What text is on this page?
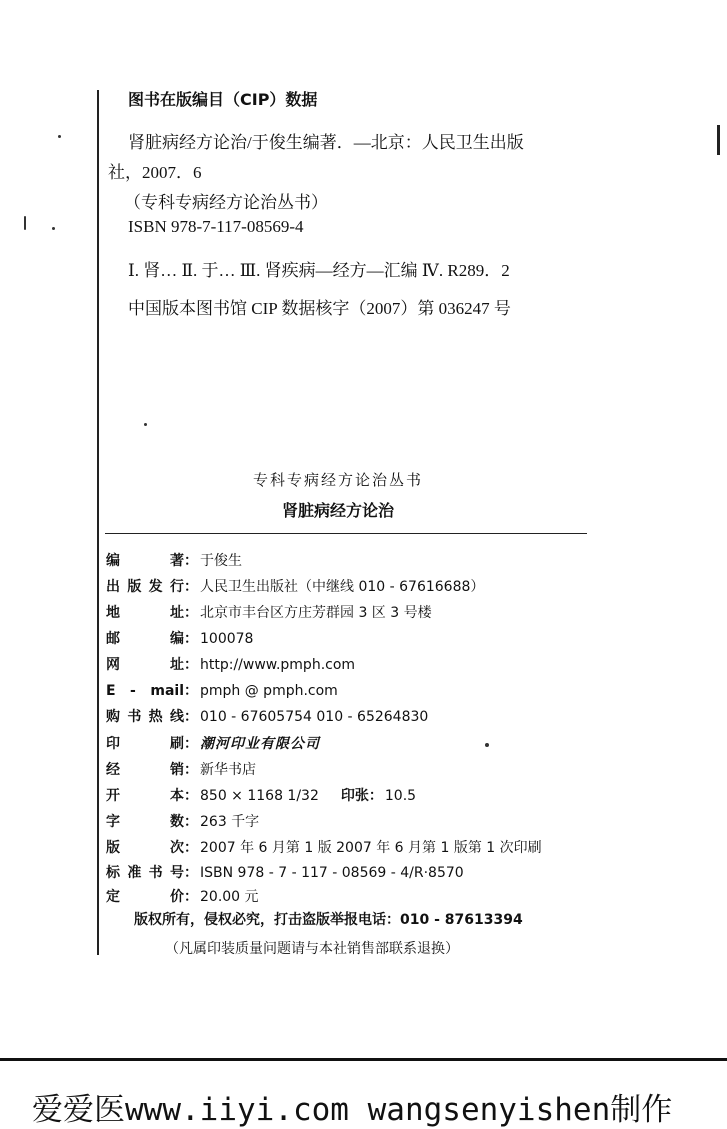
图书在版编目（CIP）数据
肾脏病经方论治/于俊生编著．—北京：人民卫生出版
社，2007．6
（专科专病经方论治丛书）
ISBN 978-7-117-08569-4
Ⅰ. 肾… Ⅱ. 于… Ⅲ. 肾疾病—经方—汇编 Ⅳ. R289．2
中国版本图书馆 CIP 数据核字（2007）第 036247 号
专科专病经方论治丛书
肾脏病经方论治
编　著： 于俊生
出版发行： 人民卫生出版社（中继线 010 - 67616688）
地　址： 北京市丰台区方庄芳群园 3 区 3 号楼
邮　编： 100078
网　址： http://www.pmph.com
E - mail： pmph @ pmph.com
购书热线： 010 - 67605754 010 - 65264830
印　刷： 潮河印业有限公司
经　销： 新华书店
开　本： 850 × 1168 1/32 印张： 10.5
字　数： 263 千字
版　次： 2007 年 6 月第 1 版 2007 年 6 月第 1 版第 1 次印刷
标准书号： ISBN 978 - 7 - 117 - 08569 - 4/R·8570
定　价： 20.00 元
版权所有，侵权必究，打击盗版举报电话：010 - 87613394
（凡属印装质量问题请与本社销售部联系退换）
爱爱医www.iiyi.com wangsenyishen制作
